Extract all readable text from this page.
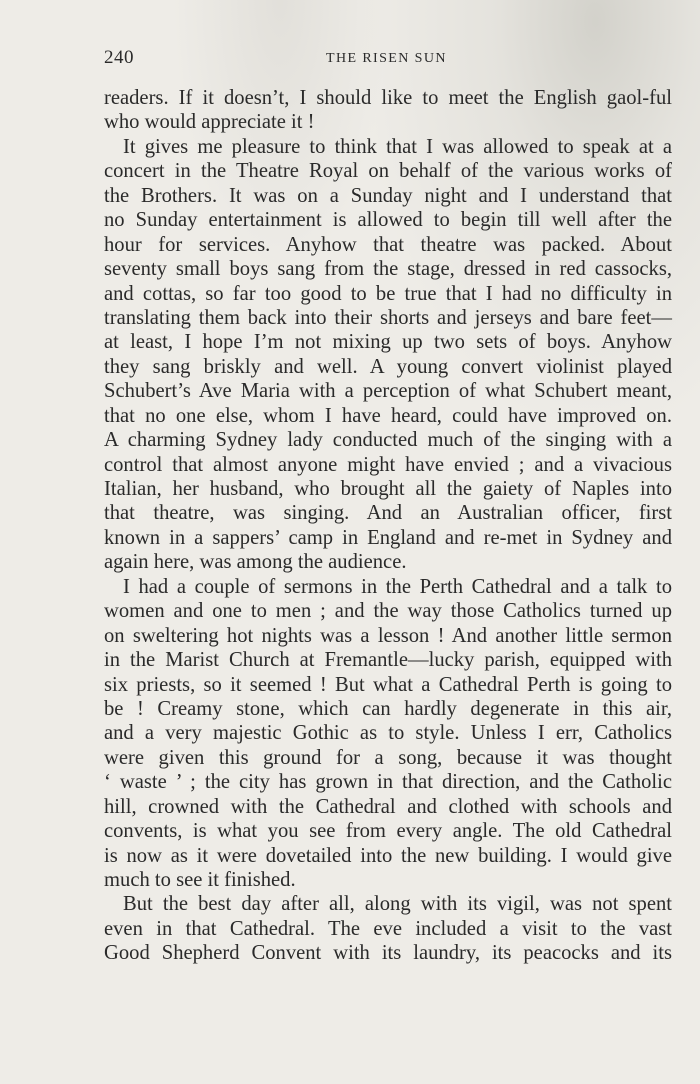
240	THE RISEN SUN
readers. If it doesn’t, I should like to meet the English gaol-ful
who would appreciate it !
It gives me pleasure to think that I was allowed to speak at a
concert in the Theatre Royal on behalf of the various works of
the Brothers. It was on a Sunday night and I understand that
no Sunday entertainment is allowed to begin till well after the
hour for services. Anyhow that theatre was packed. About
seventy small boys sang from the stage, dressed in red cassocks,
and cottas, so far too good to be true that I had no difficulty in
translating them back into their shorts and jerseys and bare feet—
at least, I hope I’m not mixing up two sets of boys. Anyhow
they sang briskly and well. A young convert violinist played
Schubert’s Ave Maria with a perception of what Schubert meant,
that no one else, whom I have heard, could have improved on.
A charming Sydney lady conducted much of the singing with a
control that almost anyone might have envied ; and a vivacious
Italian, her husband, who brought all the gaiety of Naples into
that theatre, was singing. And an Australian officer, first
known in a sappers’ camp in England and re-met in Sydney and
again here, was among the audience.
I had a couple of sermons in the Perth Cathedral and a talk to
women and one to men ; and the way those Catholics turned up
on sweltering hot nights was a lesson ! And another little sermon
in the Marist Church at Fremantle—lucky parish, equipped with
six priests, so it seemed ! But what a Cathedral Perth is going to
be ! Creamy stone, which can hardly degenerate in this air,
and a very majestic Gothic as to style. Unless I err, Catholics
were given this ground for a song, because it was thought
‘ waste ’ ; the city has grown in that direction, and the Catholic
hill, crowned with the Cathedral and clothed with schools and
convents, is what you see from every angle. The old Cathedral
is now as it were dovetailed into the new building. I would give
much to see it finished.
But the best day after all, along with its vigil, was not spent
even in that Cathedral. The eve included a visit to the vast
Good Shepherd Convent with its laundry, its peacocks and its
